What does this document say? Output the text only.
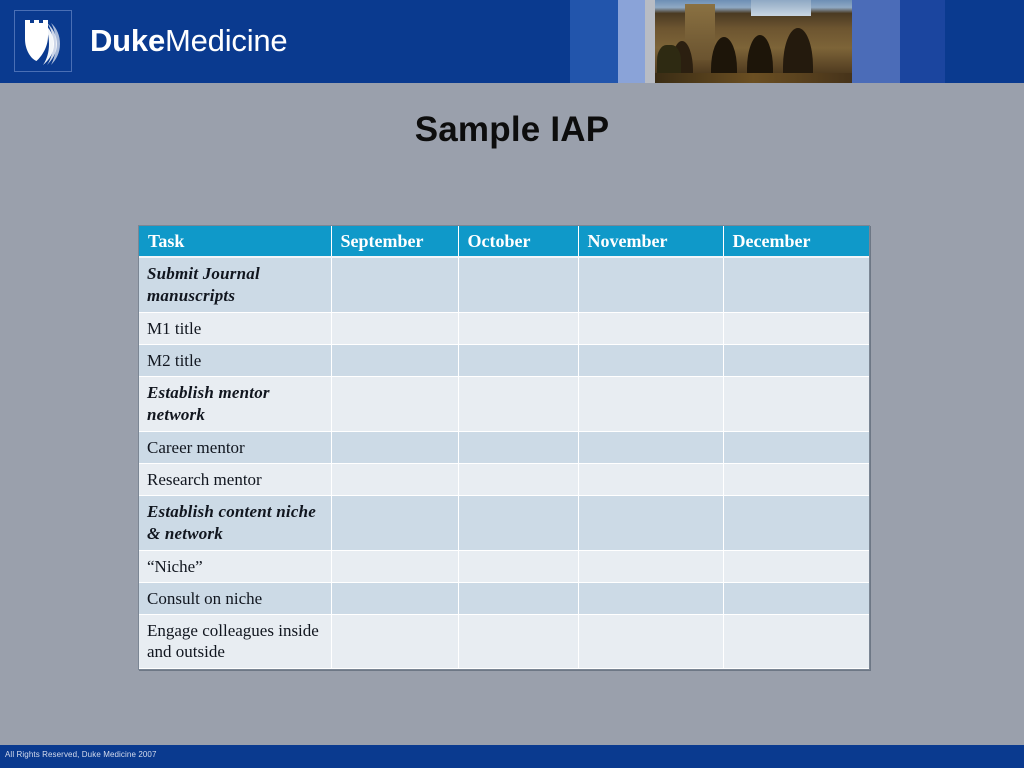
DukeMedicine
Sample IAP
Task	September	October	November	December
Submit Journal manuscripts				
M1 title				
M2 title				
Establish mentor network				
Career mentor				
Research mentor				
Establish content niche & network				
“Niche”				
Consult on niche				
Engage colleagues inside and outside				
All Rights Reserved, Duke Medicine 2007
